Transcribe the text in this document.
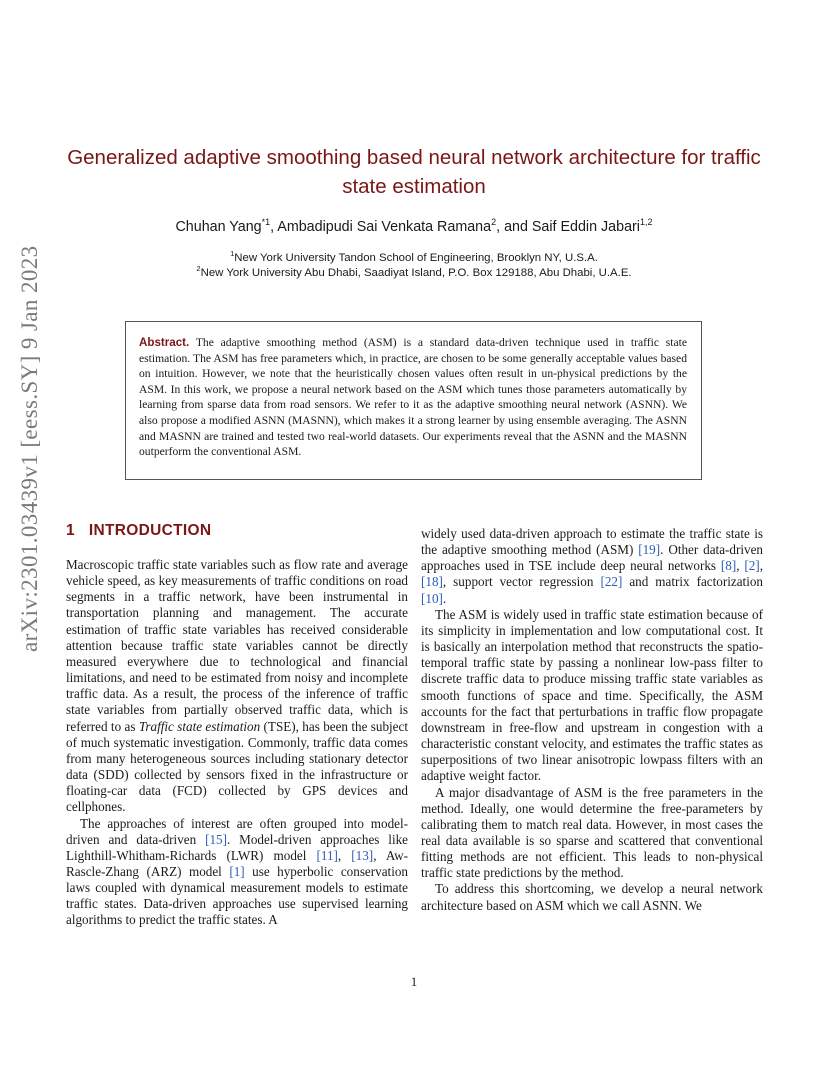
arXiv:2301.03439v1 [eess.SY] 9 Jan 2023
Generalized adaptive smoothing based neural network architecture for traffic state estimation
Chuhan Yang$^{*1}$, Ambadipudi Sai Venkata Ramana$^2$, and Saif Eddin Jabari$^{1,2}$
$^1$New York University Tandon School of Engineering, Brooklyn NY, U.S.A.
$^2$New York University Abu Dhabi, Saadiyat Island, P.O. Box 129188, Abu Dhabi, U.A.E.

Abstract. The adaptive smoothing method (ASM) is a standard data-driven technique used in traffic state estimation. The ASM has free parameters which, in practice, are chosen to be some generally acceptable values based on intuition. However, we note that the heuristically chosen values often result in un-physical predictions by the ASM. In this work, we propose a neural network based on the ASM which tunes those parameters automatically by learning from sparse data from road sensors. We refer to it as the adaptive smoothing neural network (ASNN). We also propose a modified ASNN (MASNN), which makes it a strong learner by using ensemble averaging. The ASNN and MASNN are trained and tested two real-world datasets. Our experiments reveal that the ASNN and the MASNN outperform the conventional ASM.

1 INTRODUCTION

Macroscopic traffic state variables such as flow rate and average vehicle speed, as key measurements of traffic conditions on road segments in a traffic network, have been instrumental in transportation planning and management. The accurate estimation of traffic state variables has received considerable attention because traffic state variables cannot be directly measured everywhere due to technological and financial limitations, and need to be estimated from noisy and incomplete traffic data. As a result, the process of the inference of traffic state variables from partially observed traffic data, which is referred to as Traffic state estimation (TSE), has been the subject of much systematic investigation. Commonly, traffic data comes from many heterogeneous sources including stationary detector data (SDD) collected by sensors fixed in the infrastructure or floating-car data (FCD) collected by GPS devices and cellphones.

The approaches of interest are often grouped into model-driven and data-driven [15]. Model-driven approaches like Lighthill-Whitham-Richards (LWR) model [11], [13], Aw-Rascle-Zhang (ARZ) model [1] use hyperbolic conservation laws coupled with dynamical measurement models to estimate traffic states. Data-driven approaches use supervised learning algorithms to predict the traffic states. A

widely used data-driven approach to estimate the traffic state is the adaptive smoothing method (ASM) [19]. Other data-driven approaches used in TSE include deep neural networks [8], [2], [18], support vector regression [22] and matrix factorization [10].

The ASM is widely used in traffic state estimation because of its simplicity in implementation and low computational cost. It is basically an interpolation method that reconstructs the spatio-temporal traffic state by passing a nonlinear low-pass filter to discrete traffic data to produce missing traffic state variables as smooth functions of space and time. Specifically, the ASM accounts for the fact that perturbations in traffic flow propagate downstream in free-flow and upstream in congestion with a characteristic constant velocity, and estimates the traffic states as superpositions of two linear anisotropic lowpass filters with an adaptive weight factor.

A major disadvantage of ASM is the free parameters in the method. Ideally, one would determine the free-parameters by calibrating them to match real data. However, in most cases the real data available is so sparse and scattered that conventional fitting methods are not efficient. This leads to non-physical traffic state predictions by the method.

To address this shortcoming, we develop a neural network architecture based on ASM which we call ASNN. We

1
